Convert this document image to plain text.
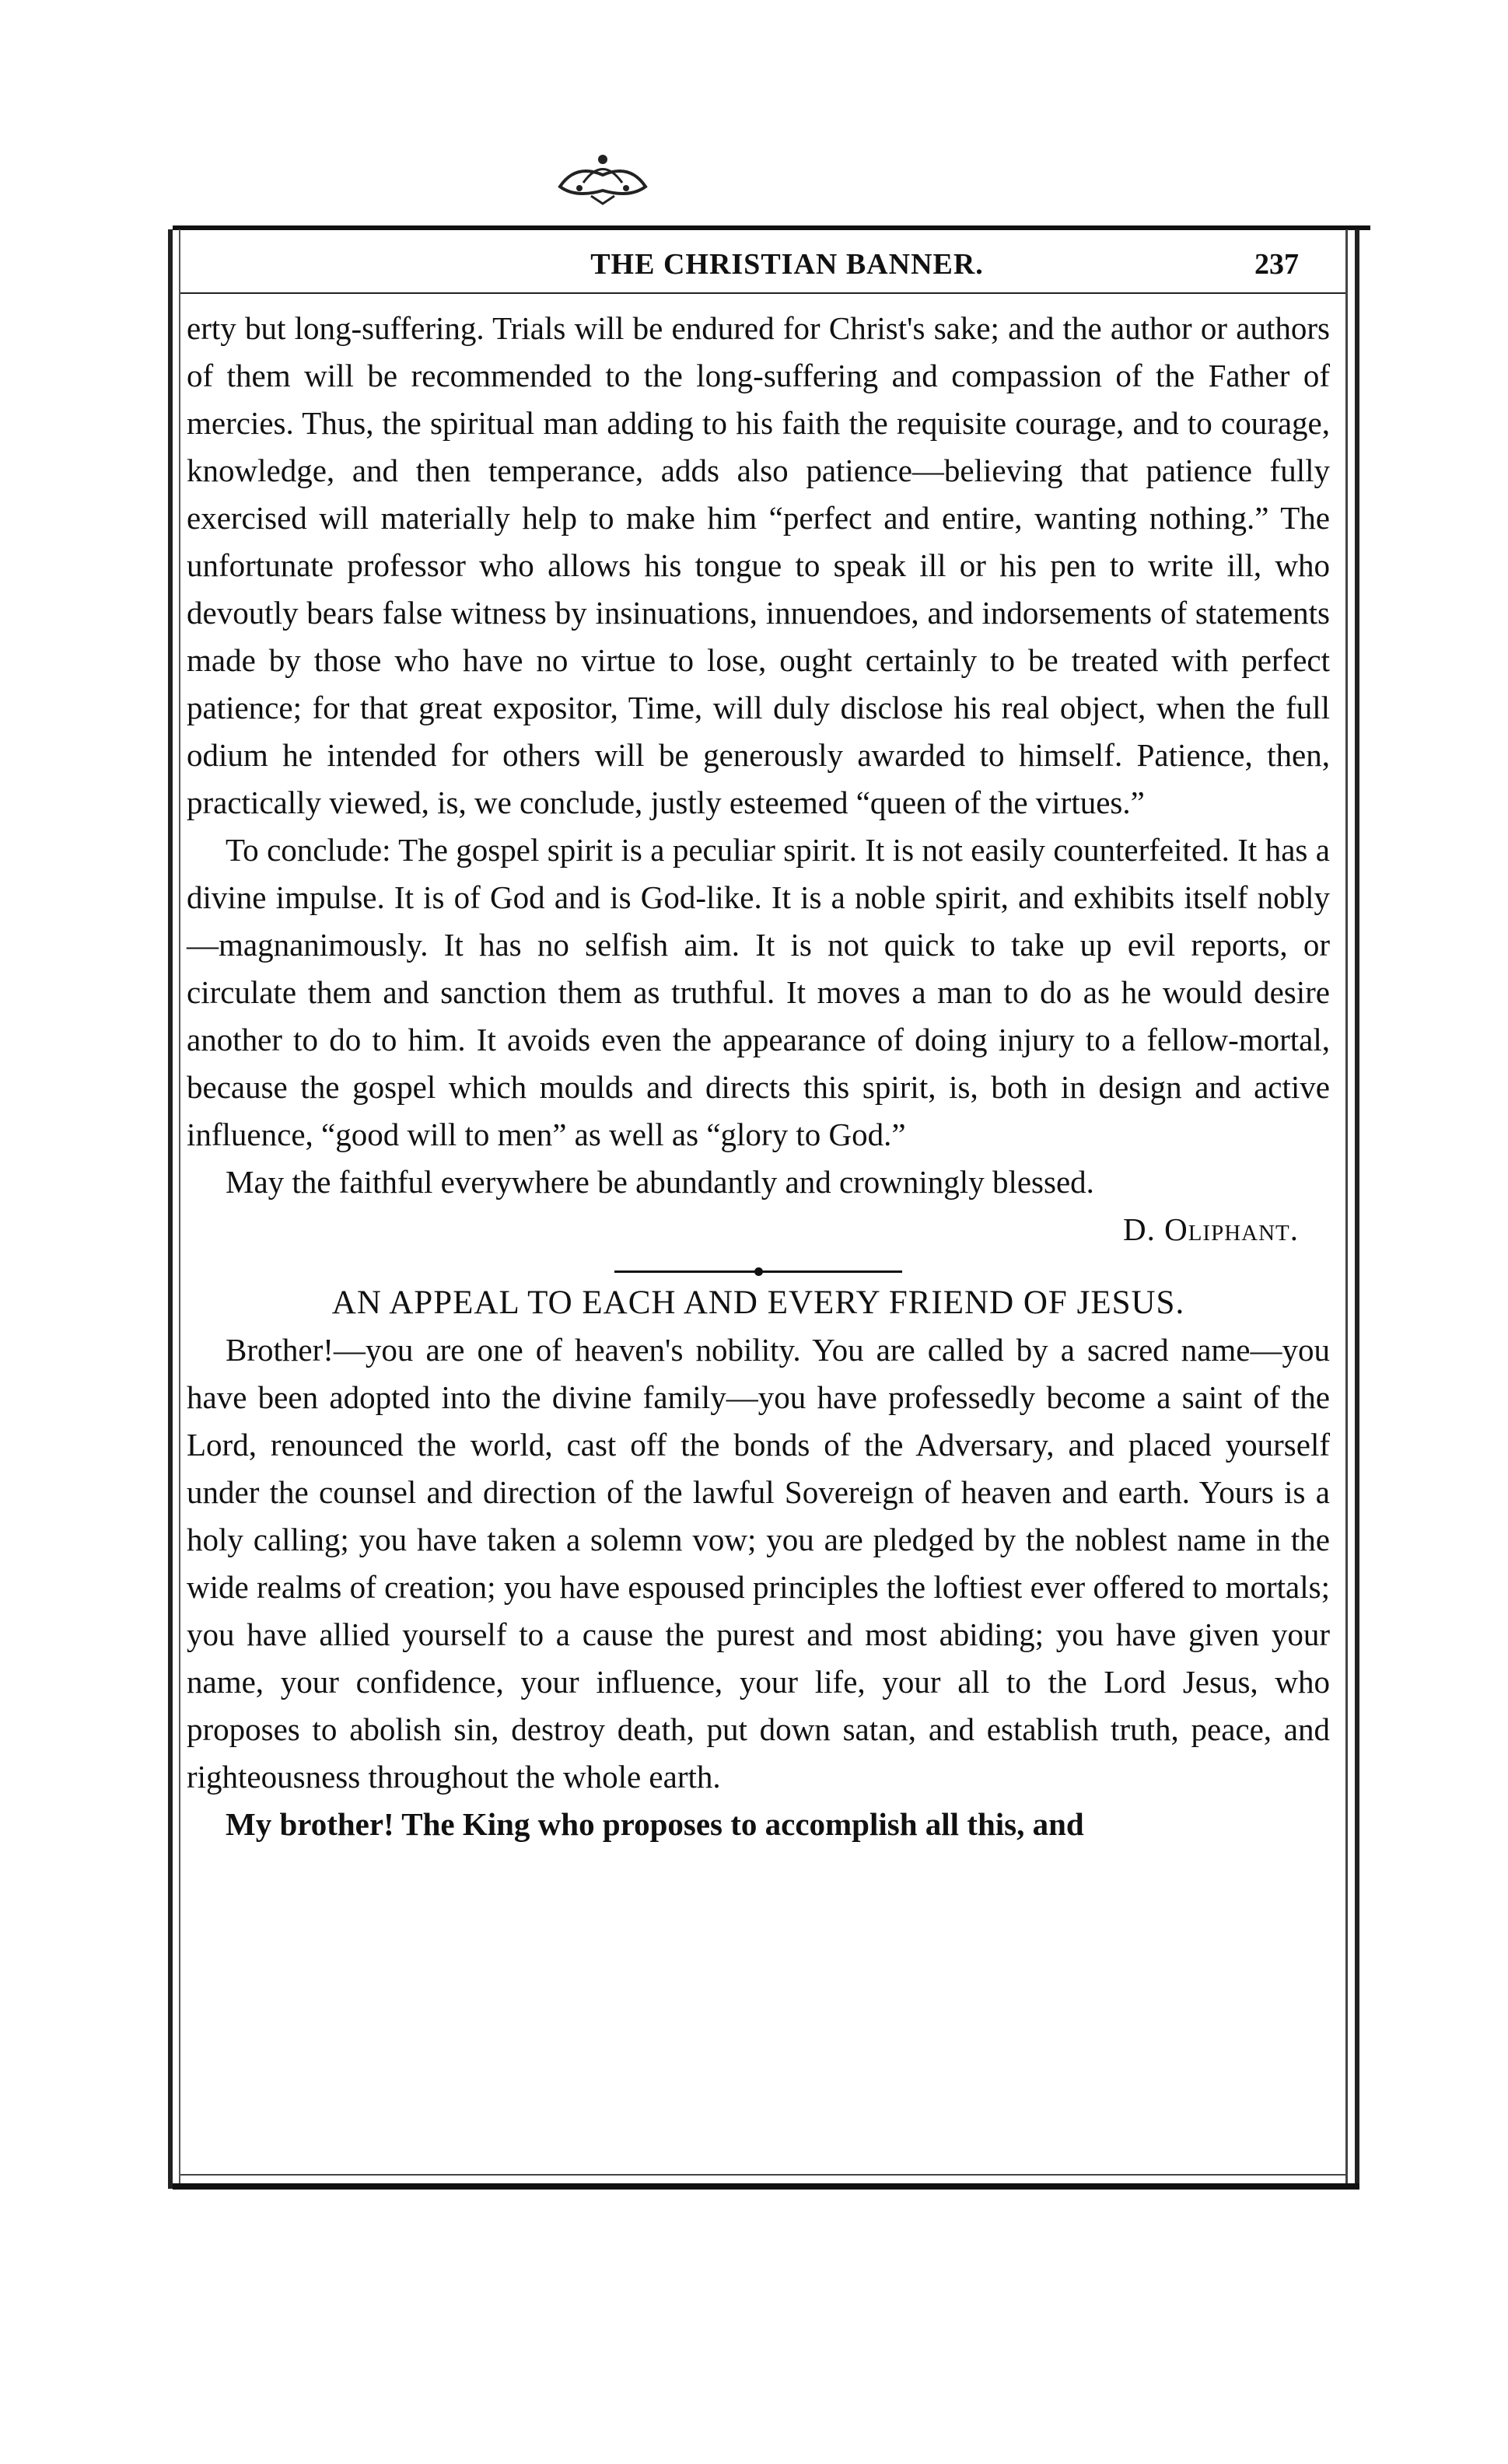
THE CHRISTIAN BANNER.	237

erty but long-suffering. Trials will be endured for Christ's sake; and the author or authors of them will be recommended to the long-suffering and compassion of the Father of mercies. Thus, the spiritual man adding to his faith the requisite courage, and to courage, knowledge, and then temperance, adds also patience—believing that patience fully exercised will materially help to make him “perfect and entire, wanting nothing.” The unfortunate professor who allows his tongue to speak ill or his pen to write ill, who devoutly bears false witness by insinuations, innuendoes, and indorsements of statements made by those who have no virtue to lose, ought certainly to be treated with perfect patience; for that great expositor, Time, will duly disclose his real object, when the full odium he intended for others will be generously awarded to himself. Patience, then, practically viewed, is, we conclude, justly esteemed “queen of the virtues.”

To conclude: The gospel spirit is a peculiar spirit. It is not easily counterfeited. It has a divine impulse. It is of God and is God-like. It is a noble spirit, and exhibits itself nobly—magnanimously. It has no selfish aim. It is not quick to take up evil reports, or circulate them and sanction them as truthful. It moves a man to do as he would desire another to do to him. It avoids even the appearance of doing injury to a fellow-mortal, because the gospel which moulds and directs this spirit, is, both in design and active influence, “good will to men” as well as “glory to God.”

May the faithful everywhere be abundantly and crowningly blessed.

D. Oliphant.

AN APPEAL TO EACH AND EVERY FRIEND OF JESUS.

Brother!—you are one of heaven's nobility. You are called by a sacred name—you have been adopted into the divine family—you have professedly become a saint of the Lord, renounced the world, cast off the bonds of the Adversary, and placed yourself under the counsel and direction of the lawful Sovereign of heaven and earth. Yours is a holy calling; you have taken a solemn vow; you are pledged by the noblest name in the wide realms of creation; you have espoused principles the loftiest ever offered to mortals; you have allied yourself to a cause the purest and most abiding; you have given your name, your confidence, your influence, your life, your all to the Lord Jesus, who proposes to abolish sin, destroy death, put down satan, and establish truth, peace, and righteousness throughout the whole earth.

My brother! The King who proposes to accomplish all this, and
